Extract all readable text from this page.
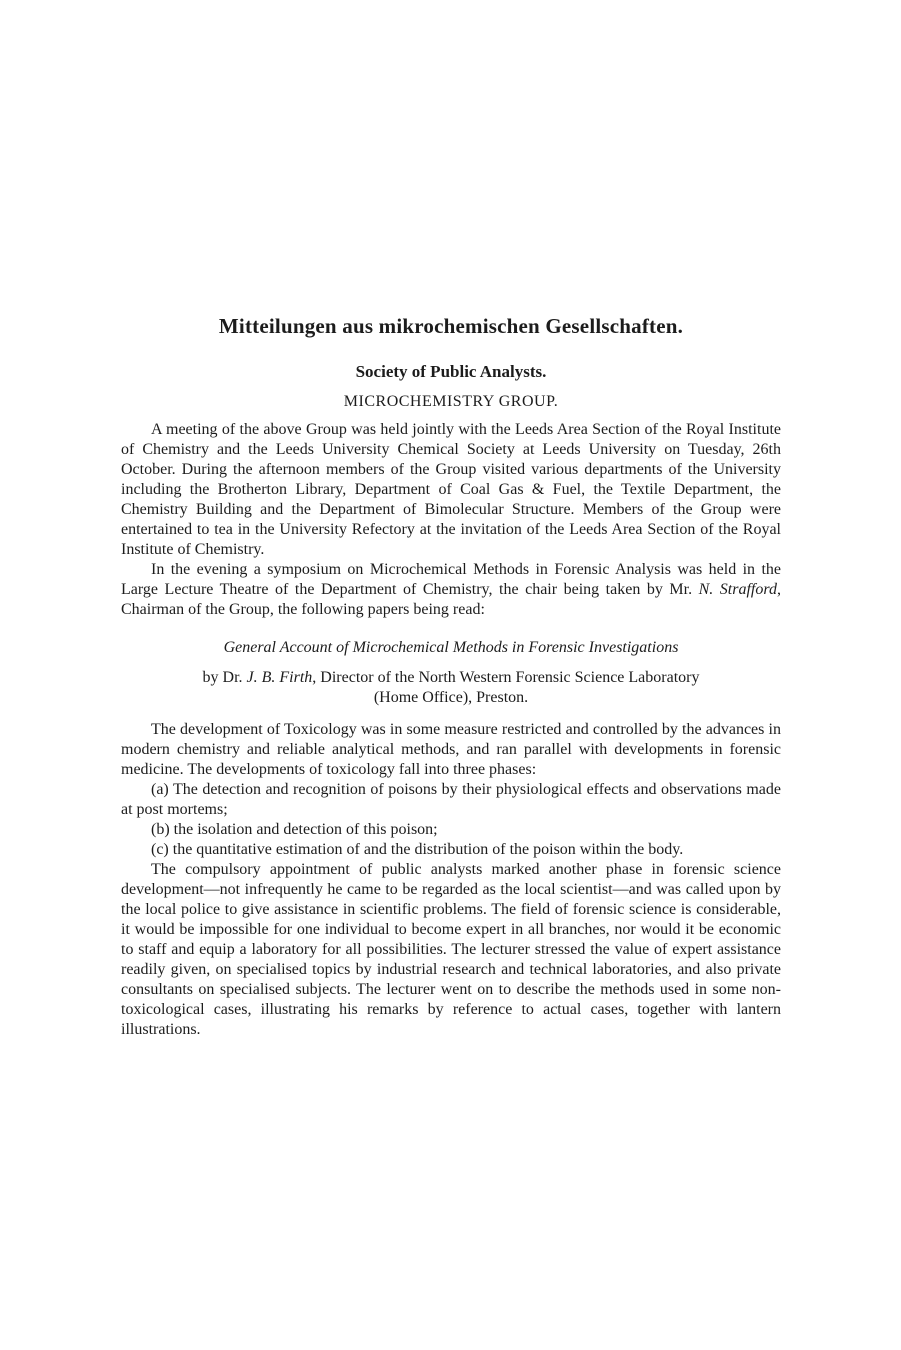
Mitteilungen aus mikrochemischen Gesellschaften.
Society of Public Analysts.
MICROCHEMISTRY GROUP.

A meeting of the above Group was held jointly with the Leeds Area Section of the Royal Institute of Chemistry and the Leeds University Chemical Society at Leeds University on Tuesday, 26th October. During the afternoon members of the Group visited various departments of the University including the Brotherton Library, Department of Coal Gas & Fuel, the Textile Department, the Chemistry Building and the Department of Bimolecular Structure. Members of the Group were entertained to tea in the University Refectory at the invitation of the Leeds Area Section of the Royal Institute of Chemistry.

In the evening a symposium on Microchemical Methods in Forensic Analysis was held in the Large Lecture Theatre of the Department of Chemistry, the chair being taken by Mr. N. Strafford, Chairman of the Group, the following papers being read:

General Account of Microchemical Methods in Forensic Investigations
by Dr. J. B. Firth, Director of the North Western Forensic Science Laboratory
(Home Office), Preston.

The development of Toxicology was in some measure restricted and controlled by the advances in modern chemistry and reliable analytical methods, and ran parallel with developments in forensic medicine. The developments of toxicology fall into three phases:

(a) The detection and recognition of poisons by their physiological effects and observations made at post mortems;

(b) the isolation and detection of this poison;

(c) the quantitative estimation of and the distribution of the poison within the body.

The compulsory appointment of public analysts marked another phase in forensic science development—not infrequently he came to be regarded as the local scientist—and was called upon by the local police to give assistance in scientific problems. The field of forensic science is considerable, it would be impossible for one individual to become expert in all branches, nor would it be economic to staff and equip a laboratory for all possibilities. The lecturer stressed the value of expert assistance readily given, on specialised topics by industrial research and technical laboratories, and also private consultants on specialised subjects. The lecturer went on to describe the methods used in some non-toxicological cases, illustrating his remarks by reference to actual cases, together with lantern illustrations.
